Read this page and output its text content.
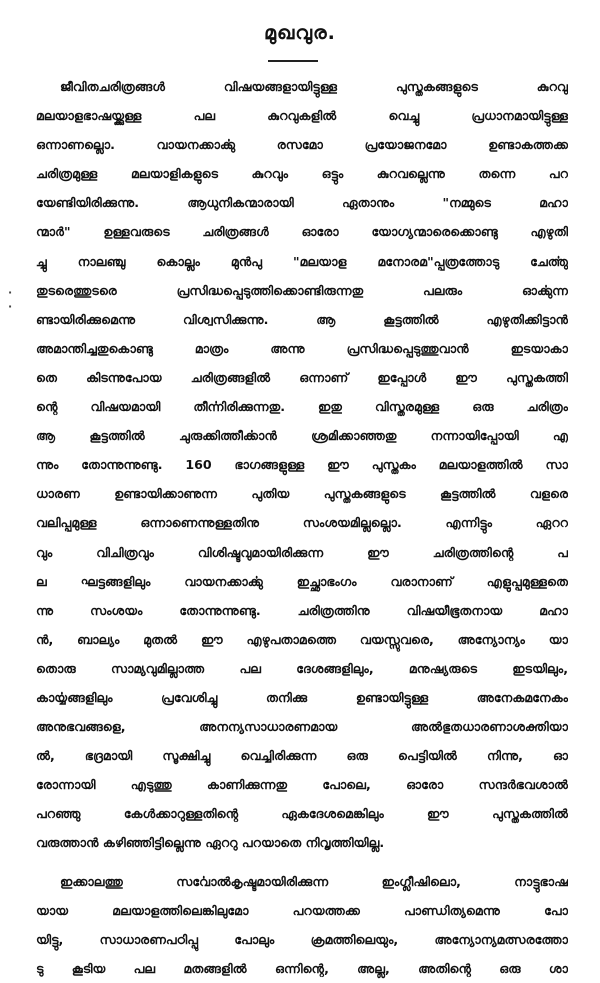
മുഖവുര.
·
·
ജീവിതചരിത്രങ്ങൾ വിഷയങ്ങളായിട്ടുള്ള പുസ്തകങ്ങളുടെ കുറവു
മലയാളഭാഷയ്ക്കുള്ള പല കുറവുകളിൽ വെച്ചു പ്രധാനമായിട്ടുള്ള
ഒന്നാണല്ലൊ. വായനക്കാൎക്കു രസമോ പ്രയോജനമോ ഉണ്ടാകത്തക്ക
ചരിത്രമുള്ള മലയാളികളുടെ കുറവും ഒട്ടും കുറവല്ലെന്നു തന്നെ പറ
യേണ്ടിയിരിക്കുന്നു. ആധുനികന്മാരായി ഏതാനും "നമ്മുടെ മഹാ
ന്മാർ" ഉള്ളവരുടെ ചരിത്രങ്ങൾ ഓരോ യോഗ്യന്മാരെക്കൊണ്ടു എഴുതി
ച്ചു നാലഞ്ചു കൊല്ലം മുൻപു "മലയാള മനോരമ"പ്പത്രത്തോടു ചേൎത്തു
തുടരെത്തുടരെ പ്രസിദ്ധപ്പെടുത്തിക്കൊണ്ടിരുന്നതു പലരും ഓൎക്കുന്ന
ണ്ടായിരിക്കുമെന്നു വിശ്വസിക്കുന്നു. ആ കൂട്ടത്തിൽ എഴുതിക്കിട്ടാൻ
അമാന്തിച്ചതുകൊണ്ടു മാത്രം അന്നു പ്രസിദ്ധപ്പെടുത്തുവാൻ ഇടയാകാ
തെ കിടന്നുപോയ ചരിത്രങ്ങളിൽ ഒന്നാണ് ഇപ്പോൾ ഈ പുസ്തകത്തി
ന്റെ വിഷയമായി തീൎന്നിരിക്കുന്നതു. ഇതു വിസ്തരമുള്ള ഒരു ചരിത്രം
ആ കൂട്ടത്തിൽ ചുരുക്കിത്തീൎക്കാൻ ശ്രമിക്കാഞ്ഞതു നന്നായിപ്പോയി എ
ന്നും തോന്നുന്നുണ്ടു. 160 ഭാഗങ്ങളുള്ള ഈ പുസ്തകം മലയാളത്തിൽ സാ
ധാരണ ഉണ്ടായിക്കാണുന്ന പുതിയ പുസ്തകങ്ങളുടെ കൂട്ടത്തിൽ വളരെ
വലിപ്പമുള്ള ഒന്നാണെന്നുള്ളതിനു സംശയമില്ലല്ലൊ. എന്നിട്ടും ഏററ
വും വിചിത്രവും വിശിഷ്ടവുമായിരിക്കുന്ന ഈ ചരിത്രത്തിന്റെ പ
ല ഘട്ടങ്ങളിലും വായനക്കാൎക്കു ഇച്ഛാഭംഗം വരാനാണ് എളുപ്പമുള്ളതെ
ന്നു സംശയം തോന്നുന്നുണ്ടു. ചരിത്രത്തിനു വിഷയീഭൂതനായ മഹാ
ൻ, ബാല്യം മുതൽ ഈ എഴുപതാമത്തെ വയസ്സുവരെ, അന്യോന്യം യാ
തൊരു സാമ്യവുമില്ലാത്ത പല ദേശങ്ങളിലും, മനുഷ്യരുടെ ഇടയിലും,
കാൎയ്യങ്ങളിലും പ്രവേശിച്ചു തനിക്കു ഉണ്ടായിട്ടുള്ള അനേകമനേകം
അനുഭവങ്ങളെ, അനന്യസാധാരണമായ അൽഭുതധാരണാശക്തിയാ
ൽ, ഭദ്രമായി സൂക്ഷിച്ചു വെച്ചിരിക്കുന്ന ഒരു പെട്ടിയിൽ നിന്നു, ഓ
രോന്നായി എടുത്തു കാണിക്കുന്നതു പോലെ, ഓരോ സന്ദർഭവശാൽ
പറഞ്ഞു കേൾക്കാറുള്ളതിന്റെ ഏകദേശമെങ്കിലും ഈ പുസ്തകത്തിൽ
വരുത്താൻ കഴിഞ്ഞിട്ടില്ലെന്നു ഏററു പറയാതെ നിവൃത്തിയില്ല.
ഇക്കാലത്തു സൎവോൽകൃഷ്ടമായിരിക്കുന്ന ഇംഗ്ലീഷിലൊ, നാട്ടുഭാഷ
യായ മലയാളത്തിലെങ്കിലുമോ പറയത്തക്ക പാണ്ഡിത്യമെന്നു പോ
യിട്ടു, സാധാരണപഠിപ്പു പോലും ക്രമത്തിലെയും, അന്യോന്യമത്സരത്തോ
ടു കൂടിയ പല മതങ്ങളിൽ ഒന്നിന്റെ, അല്ല, അതിന്റെ ഒരു ശാ
